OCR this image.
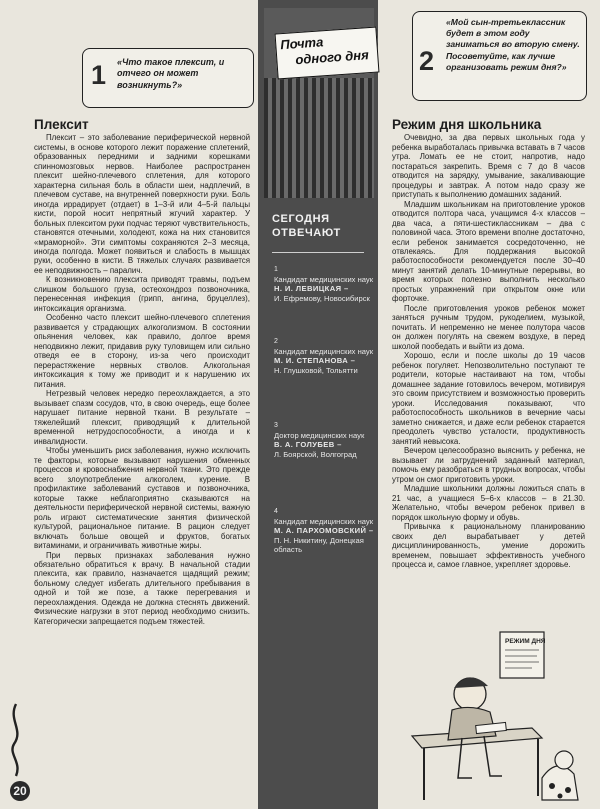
1 «Что такое плексит, и отчего он может возникнуть?»
2
«Мой сын-третьеклассник будет в этом году заниматься во вторую смену. Посоветуйте, как лучше организовать режим дня?»

Плексит

Плексит – это заболевание периферической нервной системы, в основе которого лежит поражение сплетений, образованных передними и задними корешками спинномозговых нервов. Наиболее распространен плексит шейно-плечевого сплетения, для которого характерна сильная боль в области шеи, надплечий, в плечевом суставе, на внутренней поверхности руки. Боль иногда иррадирует (отдает) в 1–3-й или 4–5-й пальцы кисти, порой носит непрятный жгучий характер. У больных плекситом руки подчас теряют чувствительность, становятся отечными, холодеют, кожа на них становится «мраморной». Эти симптомы сохраняются 2–3 месяца, иногда полгода. Может появиться и слабость в мышцах руки, особенно в кисти. В тяжелых случаях развивается ее неподвижность – паралич.

К возникновению плексита приводят травмы, подъем слишком большого груза, остеохондроз позвоночника, перенесенная инфекция (грипп, ангина, бруцеллез), интоксикация организма.

Особенно часто плексит шейно-плечевого сплетения развивается у страдающих алкоголизмом. В состоянии опьянения человек, как правило, долгое время неподвижно лежит, придавив руку туловищем или сильно отведя ее в сторону, из-за чего происходит перерастяжение нервных стволов. Алкогольная интоксикация к тому же приводит и к нарушению их питания.

Нетрезвый человек нередко переохлаждается, а это вызывает спазм сосудов, что, в свою очередь, еще более нарушает питание нервной ткани. В результате – тяжелейший плексит, приводящий к длительной временной нетрудоспособности, а иногда и к инвалидности.

Чтобы уменьшить риск заболевания, нужно исключить те факторы, которые вызывают нарушения обменных процессов и кровоснабжения нервной ткани. Это прежде всего злоупотребление алкоголем, курение. В профилактике заболеваний суставов и позвоночника, которые также неблагоприятно сказываются на деятельности периферической нервной системы, важную роль играют систематические занятия физической культурой, рациональное питание. В рацион следует включать больше овощей и фруктов, богатых витаминами, и ограничивать животные жиры.

При первых признаках заболевания нужно обязательно обратиться к врачу. В начальной стадии плексита, как правило, назначается щадящий режим; больному следует избегать длительного пребывания в одной и той же позе, а также перегревания и переохлаждения. Одежда не должна стеснять движений. Физические нагрузки в этот период необходимо снизить. Категорически запрещается подъем тяжестей.

Почта
одного дня
СЕГОДНЯ ОТВЕЧАЮТ
1
Кандидат медицинских наук
Н. И. ЛЕВИЦКАЯ –
И. Ефремову, Новосибирск
2
Кандидат медицинских наук
М. И. СТЕПАНОВА –
Н. Глушковой, Тольятти
3
Доктор медицинских наук
В. А. ГОЛУБЕВ –
Л. Боярской, Волгоград
4
Кандидат медицинских наук
М. А. ПАРХОМОВСКИЙ –
П. Н. Никитину, Донецкая область

Режим дня школьника

Очевидно, за два первых школьных года у ребенка выработалась привычка вставать в 7 часов утра. Ломать ее не стоит, напротив, надо постараться закрепить. Время с 7 до 8 часов отводится на зарядку, умывание, закаливающие процедуры и завтрак. А потом надо сразу же приступать к выполнению домашних заданий.

Младшим школьникам на приготовление уроков отводится полтора часа, учащимся 4-х классов – два часа, а пяти-шестиклассникам – два с половиной часа. Этого времени вполне достаточно, если ребенок занимается сосредоточенно, не отвлекаясь. Для поддержания высокой работоспособности рекомендуется после 30–40 минут занятий делать 10-минутные перерывы, во время которых полезно выполнить несколько простых упражнений при открытом окне или форточке.

После приготовления уроков ребенок может заняться ручным трудом, рукоделием, музыкой, почитать. И непременно не менее полутора часов он должен погулять на свежем воздухе, в перед школой пообедать и выйти из дома.

Хорошо, если и после школы до 19 часов ребенок погуляет. Непозволительно поступают те родители, которые настаивают на том, чтобы домашнее задание готовилось вечером, мотивируя это своим присутствием и возможностью проверить уроки. Исследования показывают, что работоспособность школьников в вечерние часы заметно снижается, и даже если ребенок старается преодолеть чувство усталости, продуктивность занятий невысока.

Вечером целесообразно выяснить у ребенка, не вызывает ли затруднений заданный материал, помочь ему разобраться в трудных вопросах, чтобы утром он смог приготовить уроки.

Младшие школьники должны ложиться спать в 21 час, а учащиеся 5–6-х классов – в 21.30. Желательно, чтобы вечером ребенок привел в порядок школьную форму и обувь.

Привычка к рациональному планированию своих дел вырабатывает у детей дисциплинированность, умение дорожить временем, повышает эффективность учебного процесса и, самое главное, укрепляет здоровье.

РЕЖИМ ДНЯ
20
